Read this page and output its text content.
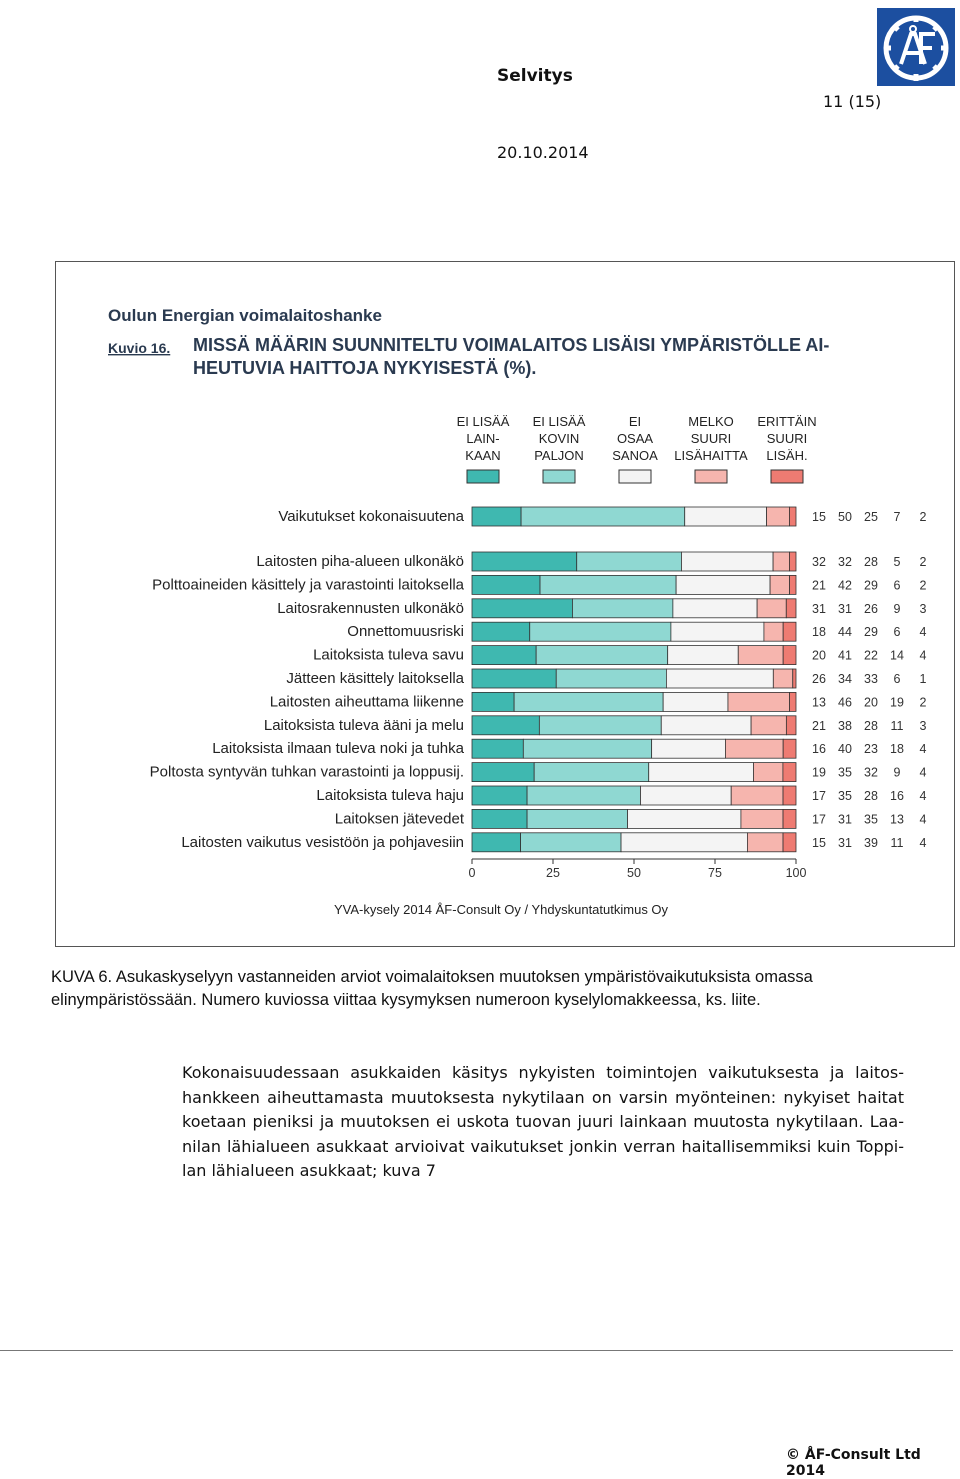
Selvitys
11 (15)
20.10.2014
Oulun Energian voimalaitoshanke
Kuvio 16. MISSÄ MÄÄRIN SUUNNITELTU VOIMALAITOS LISÄISI YMPÄRISTÖLLE AI-
HEUTUVIA HAITTOJA NYKYISESTÄ (%).
EI LISÄÄ
LAIN-
KAAN
EI LISÄÄ
KOVIN
PALJON
EI
OSAA
SANOA
MELKO
SUURI
LISÄHAITTA
ERITTÄIN
SUURI
LISÄH.
Vaikutukset kokonaisuutena	15 50 25 7 2
Laitosten piha-alueen ulkonäkö	32 32 28 5 2
Polttoaineiden käsittely ja varastointi laitoksella	21 42 29 6 2
Laitosrakennusten ulkonäkö	31 31 26 9 3
Onnettomuusriski	18 44 29 6 4
Laitoksista tuleva savu	20 41 22 14 4
Jätteen käsittely laitoksella	26 34 33 6 1
Laitosten aiheuttama liikenne	13 46 20 19 2
Laitoksista tuleva ääni ja melu	21 38 28 11 3
Laitoksista ilmaan tuleva noki ja tuhka	16 40 23 18 4
Poltosta syntyvän tuhkan varastointi ja loppusij.	19 35 32 9 4
Laitoksista tuleva haju	17 35 28 16 4
Laitoksen jätevedet	17 31 35 13 4
Laitosten vaikutus vesistöön ja pohjavesiin	15 31 39 11 4
0	25	50	75	100
YVA-kysely 2014 ÅF-Consult Oy / Yhdyskuntatutkimus Oy
KUVA 6. Asukaskyselyyn vastanneiden arviot voimalaitoksen muutoksen ympäristövaikutuksista omassa elinympäristössään. Numero kuviossa viittaa kysymyksen numeroon kyselylomakkeessa, ks. liite.
Kokonaisuudessaan asukkaiden käsitys nykyisten toimintojen vaikutuksesta ja laitos-hankkeen aiheuttamasta muutoksesta nykytilaan on varsin myönteinen: nykyiset haitat koetaan pieniksi ja muutoksen ei uskota tuovan juuri lainkaan muutosta nykytilaan. Laa-nilan lähialueen asukkaat arvioivat vaikutukset jonkin verran haitallisemmiksi kuin Toppi-lan lähialueen asukkaat; kuva 7
© ÅF-Consult Ltd 2014
